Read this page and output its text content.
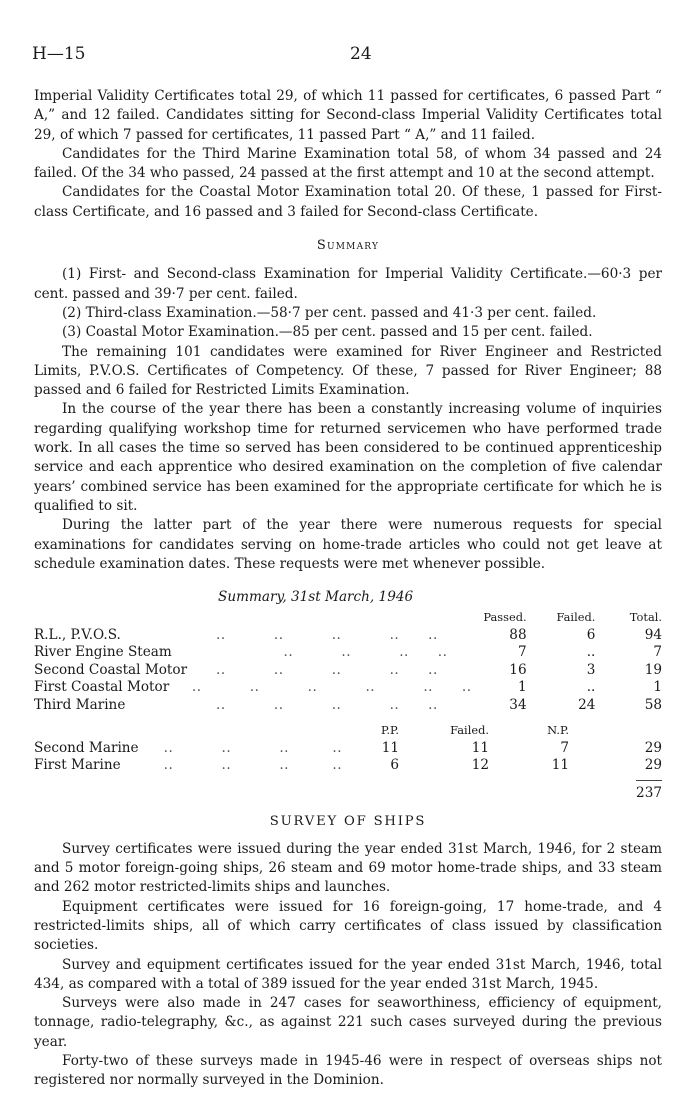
H—15	24

Imperial Validity Certificates total 29, of which 11 passed for certificates, 6 passed Part “ A,” and 12 failed. Candidates sitting for Second-class Imperial Validity Certificates total 29, of which 7 passed for certificates, 11 passed Part “ A,” and 11 failed.

Candidates for the Third Marine Examination total 58, of whom 34 passed and 24 failed. Of the 34 who passed, 24 passed at the first attempt and 10 at the second attempt.

Candidates for the Coastal Motor Examination total 20. Of these, 1 passed for First-class Certificate, and 16 passed and 3 failed for Second-class Certificate.

Summary

(1) First- and Second-class Examination for Imperial Validity Certificate.—60·3 per cent. passed and 39·7 per cent. failed.

(2) Third-class Examination.—58·7 per cent. passed and 41·3 per cent. failed.

(3) Coastal Motor Examination.—85 per cent. passed and 15 per cent. failed.

The remaining 101 candidates were examined for River Engineer and Restricted Limits, P.V.O.S. Certificates of Competency. Of these, 7 passed for River Engineer; 88 passed and 6 failed for Restricted Limits Examination.

In the course of the year there has been a constantly increasing volume of inquiries regarding qualifying workshop time for returned servicemen who have performed trade work. In all cases the time so served has been considered to be continued apprenticeship service and each apprentice who desired examination on the completion of five calendar years’ combined service has been examined for the appropriate certificate for which he is qualified to sit.

During the latter part of the year there were numerous requests for special examinations for candidates serving on home-trade articles who could not get leave at schedule examination dates. These requests were met whenever possible.

Summary, 31st March, 1946
		Passed.	Failed.	Total.
R.L., P.V.O.S.	..          ..          ..          ..      ..	88	6	94
River Engine Steam	..          ..          ..      ..	7	..	7
Second Coastal Motor	..          ..          ..          ..      ..	16	3	19
First Coastal Motor	..          ..          ..          ..          ..      ..	1	..	1
Third Marine	..          ..          ..          ..      ..	34	24	58
		P.P.	Failed.	N.P.	
Second Marine	..          ..          ..         ..	11	11	7	29
First Marine	..          ..          ..         ..	6	12	11	29

					237
SURVEY OF SHIPS

Survey certificates were issued during the year ended 31st March, 1946, for 2 steam and 5 motor foreign-going ships, 26 steam and 69 motor home-trade ships, and 33 steam and 262 motor restricted-limits ships and launches.

Equipment certificates were issued for 16 foreign-going, 17 home-trade, and 4 restricted-limits ships, all of which carry certificates of class issued by classification societies.

Survey and equipment certificates issued for the year ended 31st March, 1946, total 434, as compared with a total of 389 issued for the year ended 31st March, 1945.

Surveys were also made in 247 cases for seaworthiness, efficiency of equipment, tonnage, radio-telegraphy, &c., as against 221 such cases surveyed during the previous year.

Forty-two of these surveys made in 1945-46 were in respect of overseas ships not registered nor normally surveyed in the Dominion.
